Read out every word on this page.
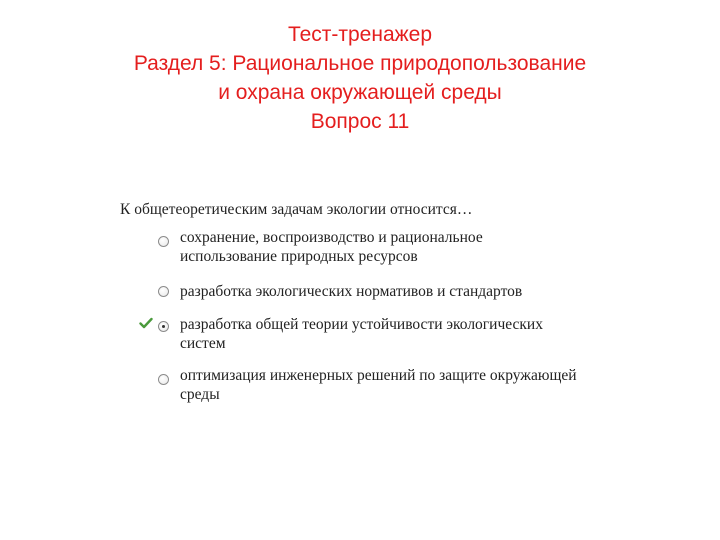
Тест-тренажер
Раздел 5: Рациональное природопользование
и охрана окружающей среды
Вопрос 11
К общетеоретическим задачам экологии относится…
сохранение, воспроизводство и рациональное
использование природных ресурсов
разработка экологических нормативов и стандартов
разработка общей теории устойчивости экологических
систем
оптимизация инженерных решений по защите окружающей
среды
